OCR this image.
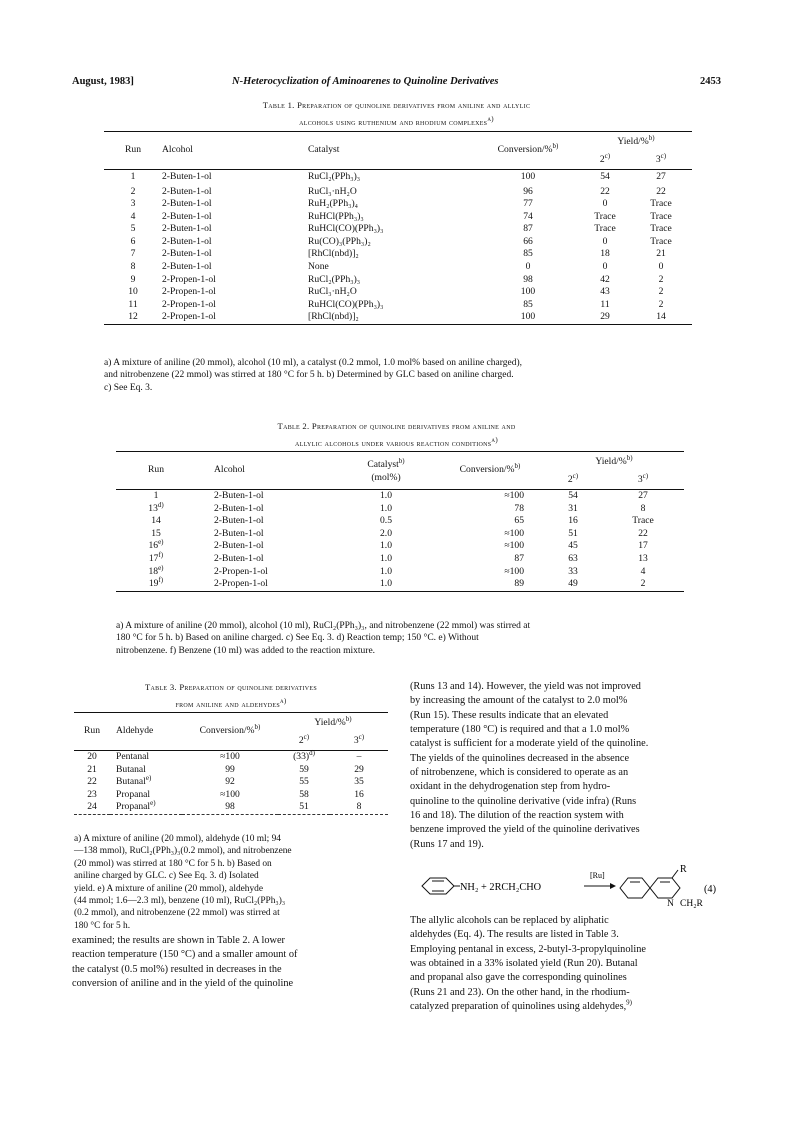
August, 1983]	N-Heterocyclization of Aminoarenes to Quinoline Derivatives	2453
Table 1. Preparation of quinoline derivatives from aniline and allylic
alcohols using ruthenium and rhodium complexes$^{a)}$
Run	Alcohol	Catalyst	Conversion/%$^{b)}$	Yield/%$^{b)}$
				2$^{c)}$	3$^{c)}$
1	2-Buten-1-ol	RuCl₂(PPh₃)₃	100	54	27
2	2-Buten-1-ol	RuCl₃·nH₂O	96	22	22
3	2-Buten-1-ol	RuH₂(PPh₃)₄	77	0	Trace
4	2-Buten-1-ol	RuHCl(PPh₃)₃	74	Trace	Trace
5	2-Buten-1-ol	RuHCl(CO)(PPh₃)₃	87	Trace	Trace
6	2-Buten-1-ol	Ru(CO)₃(PPh₃)₂	66	0	Trace
7	2-Buten-1-ol	[RhCl(nbd)]₂	85	18	21
8	2-Buten-1-ol	None	0	0	0
9	2-Propen-1-ol	RuCl₂(PPh₃)₃	98	42	2
10	2-Propen-1-ol	RuCl₃·nH₂O	100	43	2
11	2-Propen-1-ol	RuHCl(CO)(PPh₃)₃	85	11	2
12	2-Propen-1-ol	[RhCl(nbd)]₂	100	29	14
a) A mixture of aniline (20 mmol), alcohol (10 ml), a catalyst (0.2 mmol, 1.0 mol% based on aniline charged),
and nitrobenzene (22 mmol) was stirred at 180 °C for 5 h. b) Determined by GLC based on aniline charged.
c) See Eq. 3.
Table 2. Preparation of quinoline derivatives from aniline and
allylic alcohols under various reaction conditions$^{a)}$
Run	Alcohol	Catalyst$^{b)}$
(mol%)	Conversion/%$^{b)}$	Yield/%$^{b)}$
				2$^{c)}$	3$^{c)}$
1	2-Buten-1-ol	1.0	≈100	54	27
13$^{d)}$	2-Buten-1-ol	1.0	78	31	8
14	2-Buten-1-ol	0.5	65	16	Trace
15	2-Buten-1-ol	2.0	≈100	51	22
16$^{e)}$	2-Buten-1-ol	1.0	≈100	45	17
17$^{f)}$	2-Buten-1-ol	1.0	87	63	13
18$^{e)}$	2-Propen-1-ol	1.0	≈100	33	4
19$^{f)}$	2-Propen-1-ol	1.0	89	49	2
a) A mixture of aniline (20 mmol), alcohol (10 ml), RuCl₂(PPh₃)₃, and nitrobenzene (22 mmol) was stirred at
180 °C for 5 h. b) Based on aniline charged. c) See Eq. 3. d) Reaction temp; 150 °C. e) Without
nitrobenzene. f) Benzene (10 ml) was added to the reaction mixture.
Table 3. Preparation of quinoline derivatives
from aniline and aldehydes$^{a)}$
Run	Aldehyde	Conversion/%$^{b)}$	Yield/%$^{b)}$
			2$^{c)}$	3$^{c)}$
20	Pentanal	≈100	$(33)^{d)}$	–
21	Butanal	99	59	29
22	Butanal$^{e)}$	92	55	35
23	Propanal	≈100	58	16
24	Propanal$^{e)}$	98	51	8
a) A mixture of aniline (20 mmol), aldehyde (10 ml; 94
—138 mmol), RuCl₂(PPh₃)₃(0.2 mmol), and nitrobenzene
(20 mmol) was stirred at 180 °C for 5 h. b) Based on
aniline charged by GLC. c) See Eq. 3. d) Isolated
yield. e) A mixture of aniline (20 mmol), aldehyde
(44 mmol; 1.6—2.3 ml), benzene (10 ml), RuCl₂(PPh₃)₃
(0.2 mmol), and nitrobenzene (22 mmol) was stirred at
180 °C for 5 h.
examined; the results are shown in Table 2. A lower
reaction temperature (150 °C) and a smaller amount of
the catalyst (0.5 mol%) resulted in decreases in the
conversion of aniline and in the yield of the quinoline
(Runs 13 and 14). However, the yield was not improved
by increasing the amount of the catalyst to 2.0 mol%
(Run 15). These results indicate that an elevated
temperature (180 °C) is required and that a 1.0 mol%
catalyst is sufficient for a moderate yield of the quinoline.
The yields of the quinolines decreased in the absence
of nitrobenzene, which is considered to operate as an
oxidant in the dehydrogenation step from hydro-
quinoline to the quinoline derivative (vide infra) (Runs
16 and 18). The dilution of the reaction system with
benzene improved the yield of the quinoline derivatives
(Runs 17 and 19).
NH₂ + 2RCH₂CHO
[Ru]
R
N CH₂R
(4)
The allylic alcohols can be replaced by aliphatic
aldehydes (Eq. 4). The results are listed in Table 3.
Employing pentanal in excess, 2-butyl-3-propylquinoline
was obtained in a 33% isolated yield (Run 20). Butanal
and propanal also gave the corresponding quinolines
(Runs 21 and 23). On the other hand, in the rhodium-
catalyzed preparation of quinolines using aldehydes,$^{9)}$
